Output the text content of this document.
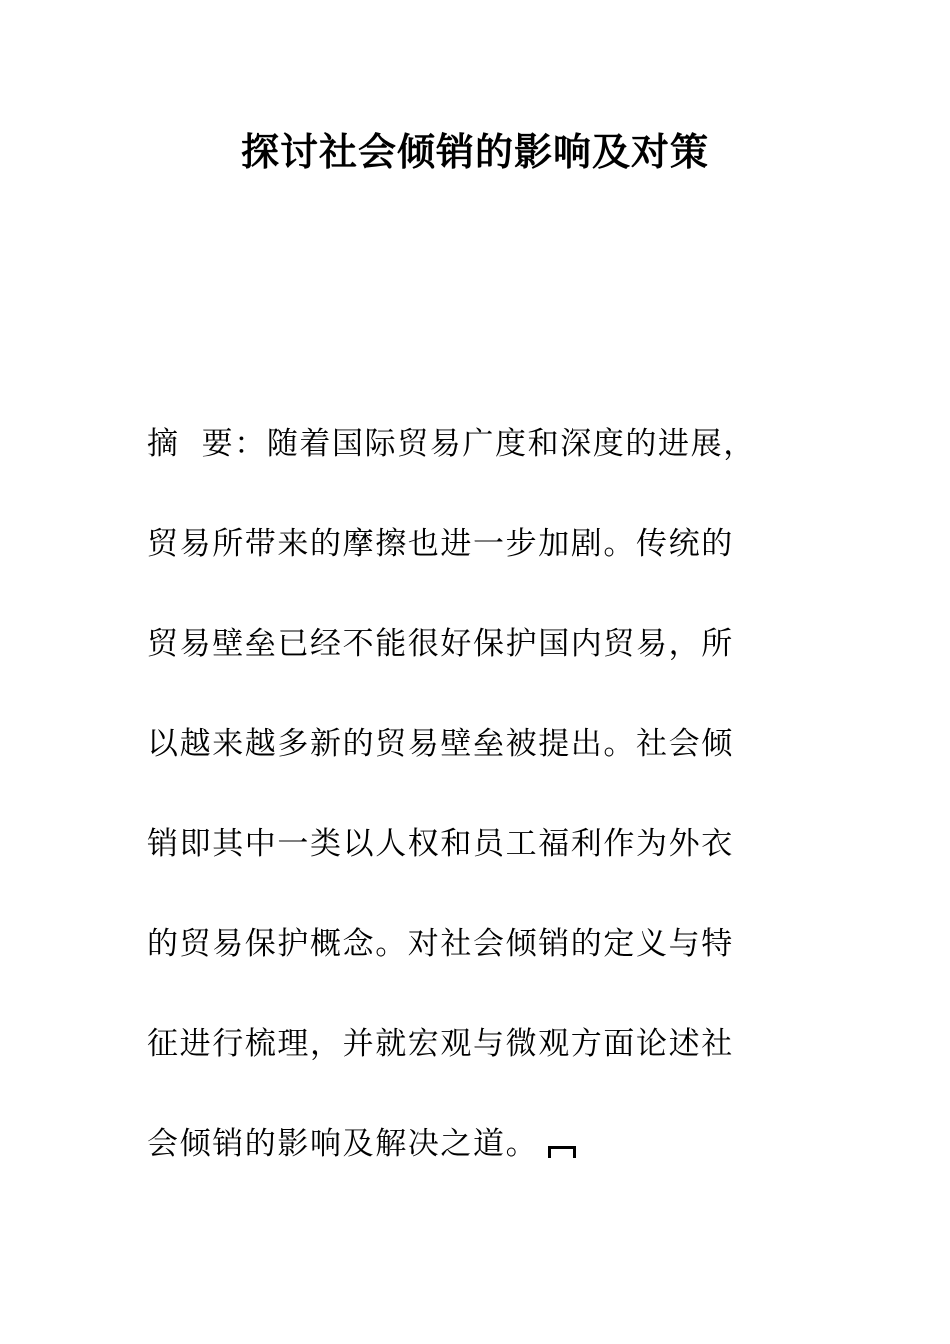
探讨社会倾销的影响及对策
摘 要：随着国际贸易广度和深度的进展，
贸易所带来的摩擦也进一步加剧。传统的
贸易壁垒已经不能很好保护国内贸易，所
以越来越多新的贸易壁垒被提出。社会倾
销即其中一类以人权和员工福利作为外衣
的贸易保护概念。对社会倾销的定义与特
征进行梳理，并就宏观与微观方面论述社
会倾销的影响及解决之道。
